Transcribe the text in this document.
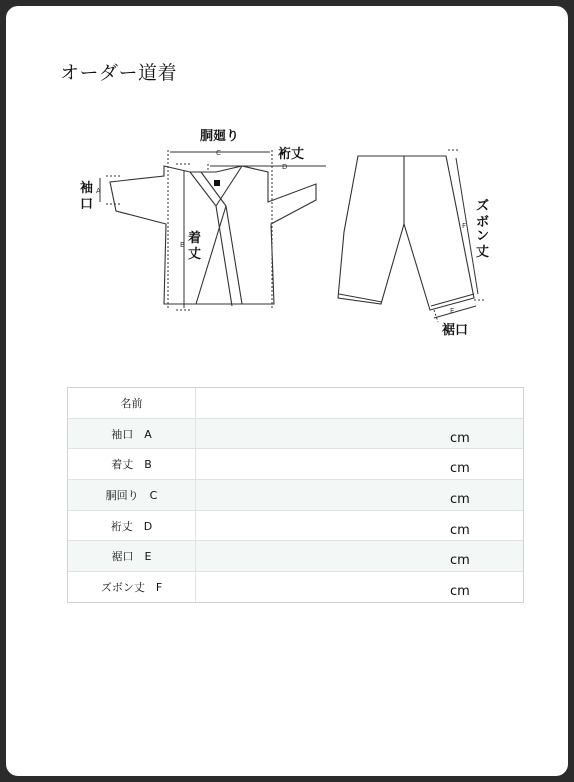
オーダー道着
C
D
A
B
F
E
胴廻り
裄丈
袖
口
着
丈
ズ
ボ
ン
丈
裾口
名前
袖口　A	cm
着丈　B	cm
胴回り　C	cm
裄丈　D	cm
裾口　E	cm
ズボン丈　F	cm
